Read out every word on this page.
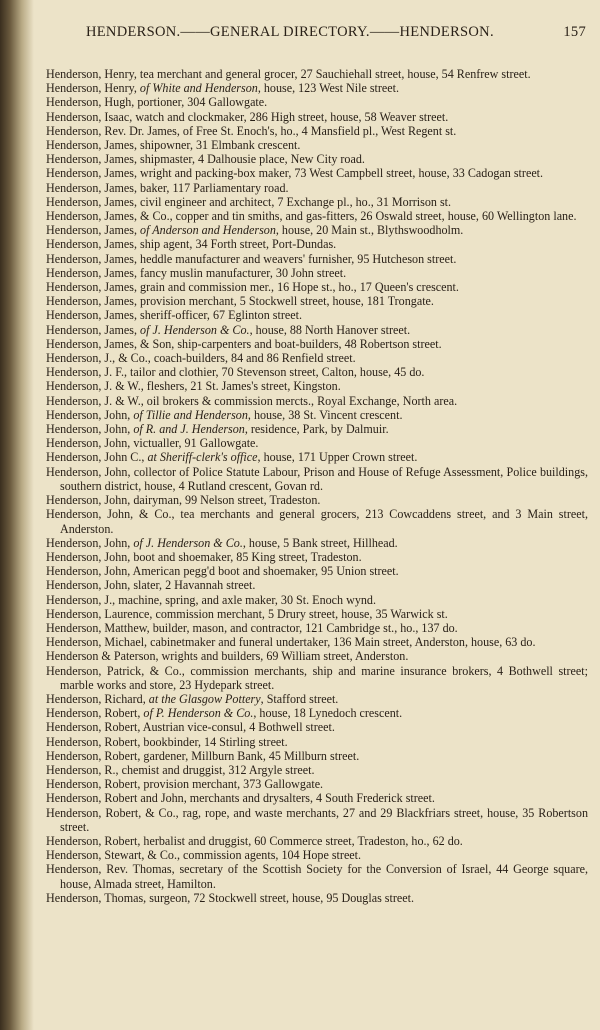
HENDERSON.——GENERAL DIRECTORY.——HENDERSON.	157

Henderson, Henry, tea merchant and general grocer, 27 Sauchiehall street, house, 54 Renfrew street.

Henderson, Henry, of White and Henderson, house, 123 West Nile street.

Henderson, Hugh, portioner, 304 Gallowgate.

Henderson, Isaac, watch and clockmaker, 286 High street, house, 58 Weaver street.

Henderson, Rev. Dr. James, of Free St. Enoch's, ho., 4 Mansfield pl., West Regent st.

Henderson, James, shipowner, 31 Elmbank crescent.

Henderson, James, shipmaster, 4 Dalhousie place, New City road.

Henderson, James, wright and packing-box maker, 73 West Campbell street, house, 33 Cadogan street.

Henderson, James, baker, 117 Parliamentary road.

Henderson, James, civil engineer and architect, 7 Exchange pl., ho., 31 Morrison st.

Henderson, James, & Co., copper and tin smiths, and gas-fitters, 26 Oswald street, house, 60 Wellington lane.

Henderson, James, of Anderson and Henderson, house, 20 Main st., Blythswoodholm.

Henderson, James, ship agent, 34 Forth street, Port-Dundas.

Henderson, James, heddle manufacturer and weavers' furnisher, 95 Hutcheson street.

Henderson, James, fancy muslin manufacturer, 30 John street.

Henderson, James, grain and commission mer., 16 Hope st., ho., 17 Queen's crescent.

Henderson, James, provision merchant, 5 Stockwell street, house, 181 Trongate.

Henderson, James, sheriff-officer, 67 Eglinton street.

Henderson, James, of J. Henderson & Co., house, 88 North Hanover street.

Henderson, James, & Son, ship-carpenters and boat-builders, 48 Robertson street.

Henderson, J., & Co., coach-builders, 84 and 86 Renfield street.

Henderson, J. F., tailor and clothier, 70 Stevenson street, Calton, house, 45 do.

Henderson, J. & W., fleshers, 21 St. James's street, Kingston.

Henderson, J. & W., oil brokers & commission mercts., Royal Exchange, North area.

Henderson, John, of Tillie and Henderson, house, 38 St. Vincent crescent.

Henderson, John, of R. and J. Henderson, residence, Park, by Dalmuir.

Henderson, John, victualler, 91 Gallowgate.

Henderson, John C., at Sheriff-clerk's office, house, 171 Upper Crown street.

Henderson, John, collector of Police Statute Labour, Prison and House of Refuge Assessment, Police buildings, southern district, house, 4 Rutland crescent, Govan rd.

Henderson, John, dairyman, 99 Nelson street, Tradeston.

Henderson, John, & Co., tea merchants and general grocers, 213 Cowcaddens street, and 3 Main street, Anderston.

Henderson, John, of J. Henderson & Co., house, 5 Bank street, Hillhead.

Henderson, John, boot and shoemaker, 85 King street, Tradeston.

Henderson, John, American pegg'd boot and shoemaker, 95 Union street.

Henderson, John, slater, 2 Havannah street.

Henderson, J., machine, spring, and axle maker, 30 St. Enoch wynd.

Henderson, Laurence, commission merchant, 5 Drury street, house, 35 Warwick st.

Henderson, Matthew, builder, mason, and contractor, 121 Cambridge st., ho., 137 do.

Henderson, Michael, cabinetmaker and funeral undertaker, 136 Main street, Anderston, house, 63 do.

Henderson & Paterson, wrights and builders, 69 William street, Anderston.

Henderson, Patrick, & Co., commission merchants, ship and marine insurance brokers, 4 Bothwell street; marble works and store, 23 Hydepark street.

Henderson, Richard, at the Glasgow Pottery, Stafford street.

Henderson, Robert, of P. Henderson & Co., house, 18 Lynedoch crescent.

Henderson, Robert, Austrian vice-consul, 4 Bothwell street.

Henderson, Robert, bookbinder, 14 Stirling street.

Henderson, Robert, gardener, Millburn Bank, 45 Millburn street.

Henderson, R., chemist and druggist, 312 Argyle street.

Henderson, Robert, provision merchant, 373 Gallowgate.

Henderson, Robert and John, merchants and drysalters, 4 South Frederick street.

Henderson, Robert, & Co., rag, rope, and waste merchants, 27 and 29 Blackfriars street, house, 35 Robertson street.

Henderson, Robert, herbalist and druggist, 60 Commerce street, Tradeston, ho., 62 do.

Henderson, Stewart, & Co., commission agents, 104 Hope street.

Henderson, Rev. Thomas, secretary of the Scottish Society for the Conversion of Israel, 44 George square, house, Almada street, Hamilton.

Henderson, Thomas, surgeon, 72 Stockwell street, house, 95 Douglas street.
